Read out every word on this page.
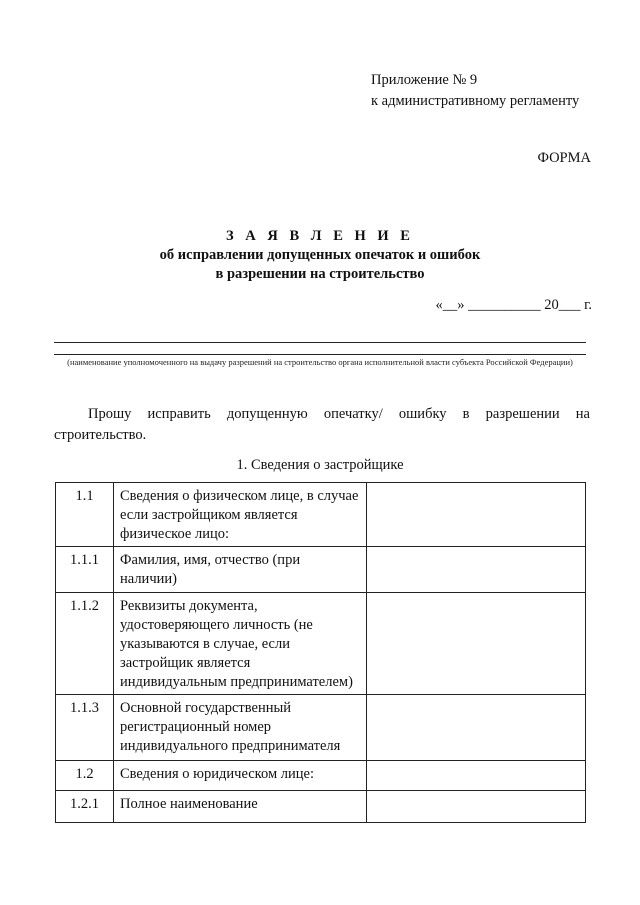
Приложение № 9
к административному регламенту
ФОРМА
З А Я В Л Е Н И Е
об исправлении допущенных опечаток и ошибок
в разрешении на строительство
«__» __________ 20___ г.
(наименование уполномоченного на выдачу разрешений на строительство органа исполнительной власти субъекта Российской Федерации)
Прошу исправить допущенную опечатку/ ошибку в разрешении на строительство.
1. Сведения о застройщике
1.1	Сведения о физическом лице, в случае если застройщиком является физическое лицо:	
1.1.1	Фамилия, имя, отчество (при наличии)	
1.1.2	Реквизиты документа, удостоверяющего личность (не указываются в случае, если застройщик является индивидуальным предпринимателем)	
1.1.3	Основной государственный регистрационный номер индивидуального предпринимателя	
1.2	Сведения о юридическом лице:	
1.2.1	Полное наименование	
